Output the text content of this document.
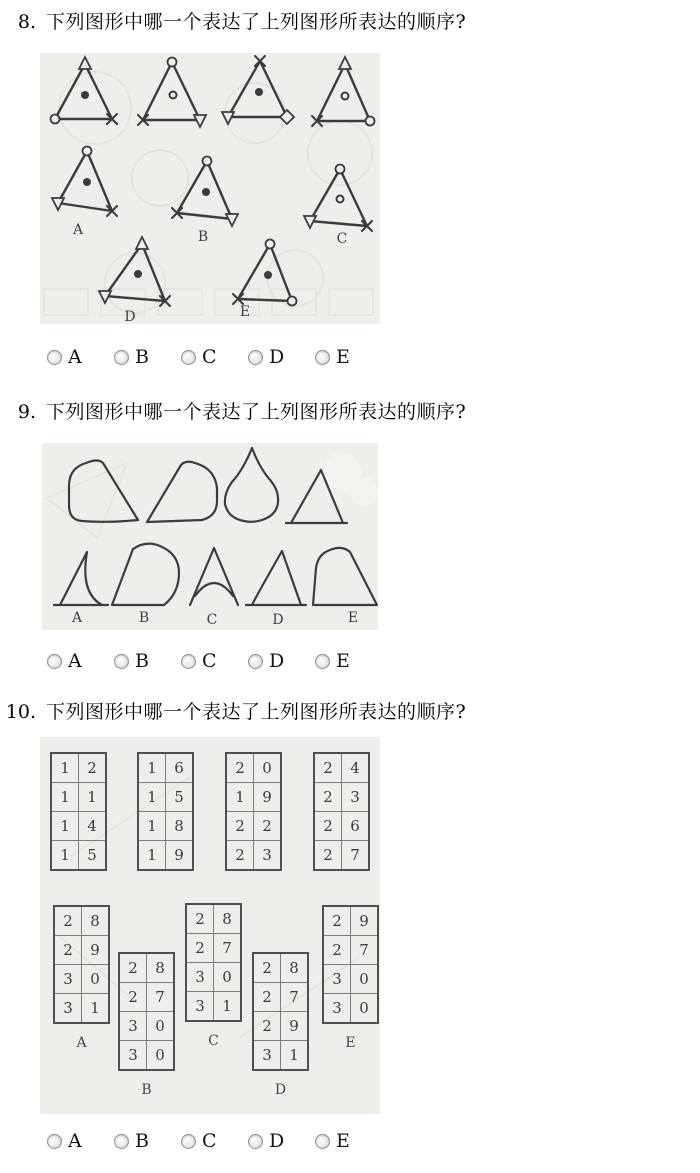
8. 下列图形中哪一个表达了上列图形所表达的顺序?
A	B	C
D	E
A	B	C	D	E
9. 下列图形中哪一个表达了上列图形所表达的顺序?
A	B	C	D	E
A	B	C	D	E
10. 下列图形中哪一个表达了上列图形所表达的顺序?
1	2
1	1
1	4
1	5
1	6
1	5
1	8
1	9
2	0
1	9
2	2
2	3
2	4
2	3
2	6
2	7
2	8
2	9
3	0
3	1
A
2	8
2	7
3	0
3	0
B
2	8
2	7
3	0
3	1
C
2	8
2	7
2	9
3	1
D
2	9
2	7
3	0
3	0
E
A	B	C	D	E
